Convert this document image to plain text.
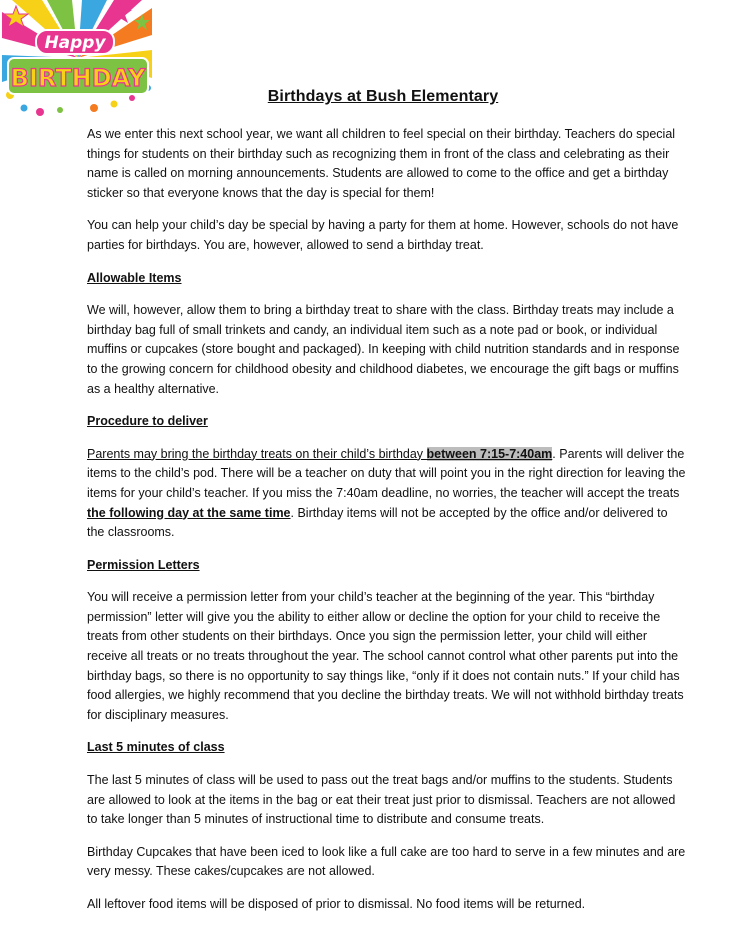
Happy
BIRTHDAY
Birthdays at Bush Elementary

As we enter this next school year, we want all children to feel special on their birthday. Teachers do special things for students on their birthday such as recognizing them in front of the class and celebrating as their name is called on morning announcements. Students are allowed to come to the office and get a birthday sticker so that everyone knows that the day is special for them!

You can help your child’s day be special by having a party for them at home. However, schools do not have parties for birthdays. You are, however, allowed to send a birthday treat.

Allowable Items

We will, however, allow them to bring a birthday treat to share with the class. Birthday treats may include a birthday bag full of small trinkets and candy, an individual item such as a note pad or book, or individual muffins or cupcakes (store bought and packaged). In keeping with child nutrition standards and in response to the growing concern for childhood obesity and childhood diabetes, we encourage the gift bags or muffins as a healthy alternative.

Procedure to deliver

Parents may bring the birthday treats on their child’s birthday between 7:15-7:40am. Parents will deliver the items to the child’s pod. There will be a teacher on duty that will point you in the right direction for leaving the items for your child’s teacher. If you miss the 7:40am deadline, no worries, the teacher will accept the treats the following day at the same time. Birthday items will not be accepted by the office and/or delivered to the classrooms.

Permission Letters

You will receive a permission letter from your child’s teacher at the beginning of the year. This “birthday permission” letter will give you the ability to either allow or decline the option for your child to receive the treats from other students on their birthdays. Once you sign the permission letter, your child will either receive all treats or no treats throughout the year. The school cannot control what other parents put into the birthday bags, so there is no opportunity to say things like, “only if it does not contain nuts.” If your child has food allergies, we highly recommend that you decline the birthday treats. We will not withhold birthday treats for disciplinary measures.

Last 5 minutes of class

The last 5 minutes of class will be used to pass out the treat bags and/or muffins to the students. Students are allowed to look at the items in the bag or eat their treat just prior to dismissal. Teachers are not allowed to take longer than 5 minutes of instructional time to distribute and consume treats.

Birthday Cupcakes that have been iced to look like a full cake are too hard to serve in a few minutes and are very messy. These cakes/cupcakes are not allowed.

All leftover food items will be disposed of prior to dismissal. No food items will be returned.
